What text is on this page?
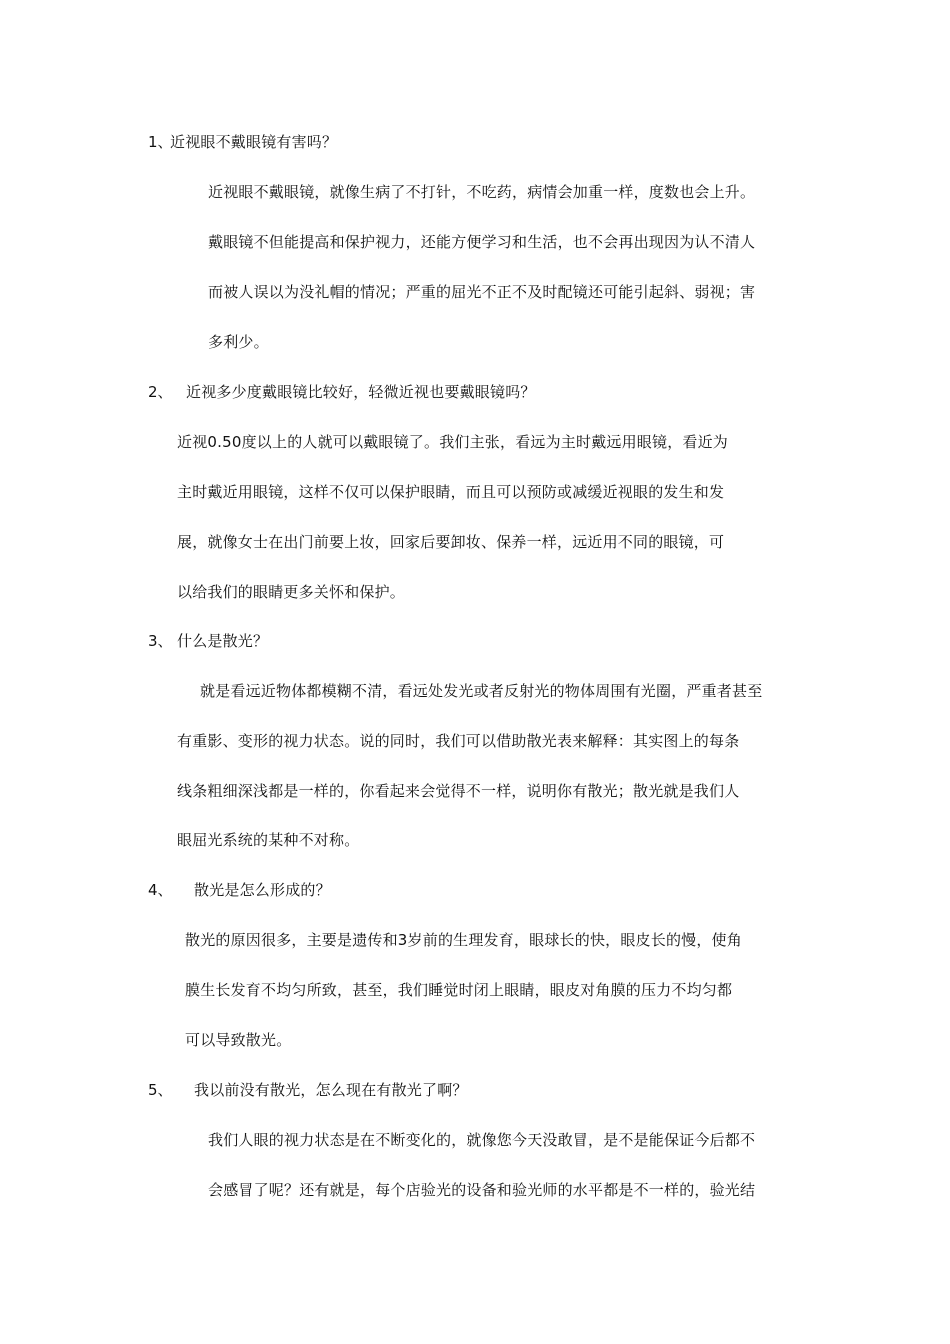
1、
近视眼不戴眼镜有害吗？
近视眼不戴眼镜，就像生病了不打针，不吃药，病情会加重一样，度数也会上升。
戴眼镜不但能提高和保护视力，还能方便学习和生活，也不会再出现因为认不清人
而被人误以为没礼帽的情况；严重的屈光不正不及时配镜还可能引起斜、弱视；害
多利少。
2、 近视多少度戴眼镜比较好，轻微近视也要戴眼镜吗？
近视0.50度以上的人就可以戴眼镜了。我们主张，看远为主时戴远用眼镜，看近为
主时戴近用眼镜，这样不仅可以保护眼睛，而且可以预防或减缓近视眼的发生和发
展，就像女士在出门前要上妆，回家后要卸妆、保养一样，远近用不同的眼镜，可
以给我们的眼睛更多关怀和保护。
3、 什么是散光？
就是看远近物体都模糊不清，看远处发光或者反射光的物体周围有光圈，严重者甚至
有重影、变形的视力状态。说的同时，我们可以借助散光表来解释：其实图上的每条
线条粗细深浅都是一样的，你看起来会觉得不一样，说明你有散光；散光就是我们人
眼屈光系统的某种不对称。
4、 散光是怎么形成的？
散光的原因很多，主要是遗传和3岁前的生理发育，眼球长的快，眼皮长的慢，使角
膜生长发育不均匀所致，甚至，我们睡觉时闭上眼睛，眼皮对角膜的压力不均匀都
可以导致散光。
5、 我以前没有散光，怎么现在有散光了啊？
我们人眼的视力状态是在不断变化的，就像您今天没敢冒，是不是能保证今后都不
会感冒了呢？还有就是，每个店验光的设备和验光师的水平都是不一样的，验光结
